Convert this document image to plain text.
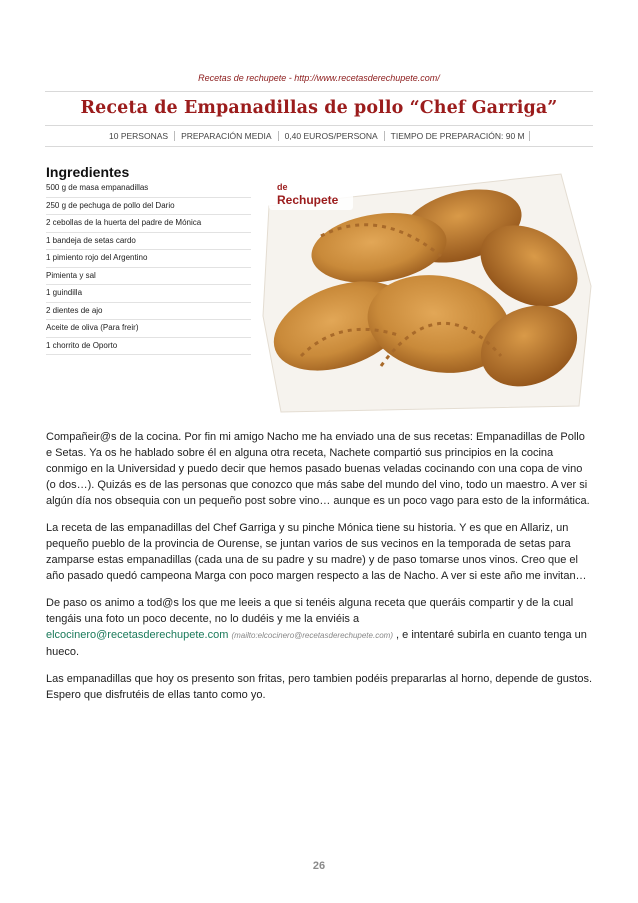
Recetas de rechupete - http://www.recetasderechupete.com/
Receta de Empanadillas de pollo “Chef Garriga”
10 PERSONAS PREPARACIÓN MEDIA 0,40 EUROS/PERSONA TIEMPO DE PREPARACIÓN: 90 M
Ingredientes
500 g de masa empanadillas
250 g de pechuga de pollo del Dario
2 cebollas de la huerta del padre de Mónica
1 bandeja de setas cardo
1 pimiento rojo del Argentino
Pimienta y sal
1 guindilla
2 dientes de ajo
Aceite de oliva (Para freir)
1 chorrito de Oporto
de
Rechupete

Compañeir@s de la cocina. Por fin mi amigo Nacho me ha enviado una de sus recetas: Empanadillas de Pollo e Setas. Ya os he hablado sobre él en alguna otra receta, Nachete compartió sus principios en la cocina conmigo en la Universidad y puedo decir que hemos pasado buenas veladas cocinando con una copa de vino (o dos…). Quizás es de las personas que conozco que más sabe del mundo del vino, todo un maestro. A ver si algún día nos obsequia con un pequeño post sobre vino… aunque es un poco vago para esto de la informática.

La receta de las empanadillas del Chef Garriga y su pinche Mónica tiene su historia. Y es que en Allariz, un pequeño pueblo de la provincia de Ourense, se juntan varios de sus vecinos en la temporada de setas para zamparse estas empanadillas (cada una de su padre y su madre) y de paso tomarse unos vinos. Creo que el año pasado quedó campeona Marga con poco margen respecto a las de Nacho. A ver si este año me invitan…

De paso os animo a tod@s los que me leeis a que si tenéis alguna receta que queráis compartir y de la cual tengáis una foto un poco decente, no lo dudéis y me la enviéis a
elcocinero@recetasderechupete.com (mailto:elcocinero@recetasderechupete.com) , e intentaré subirla en cuanto tenga un hueco.

Las empanadillas que hoy os presento son fritas, pero tambien podéis prepararlas al horno, depende de gustos. Espero que disfrutéis de ellas tanto como yo.

26
